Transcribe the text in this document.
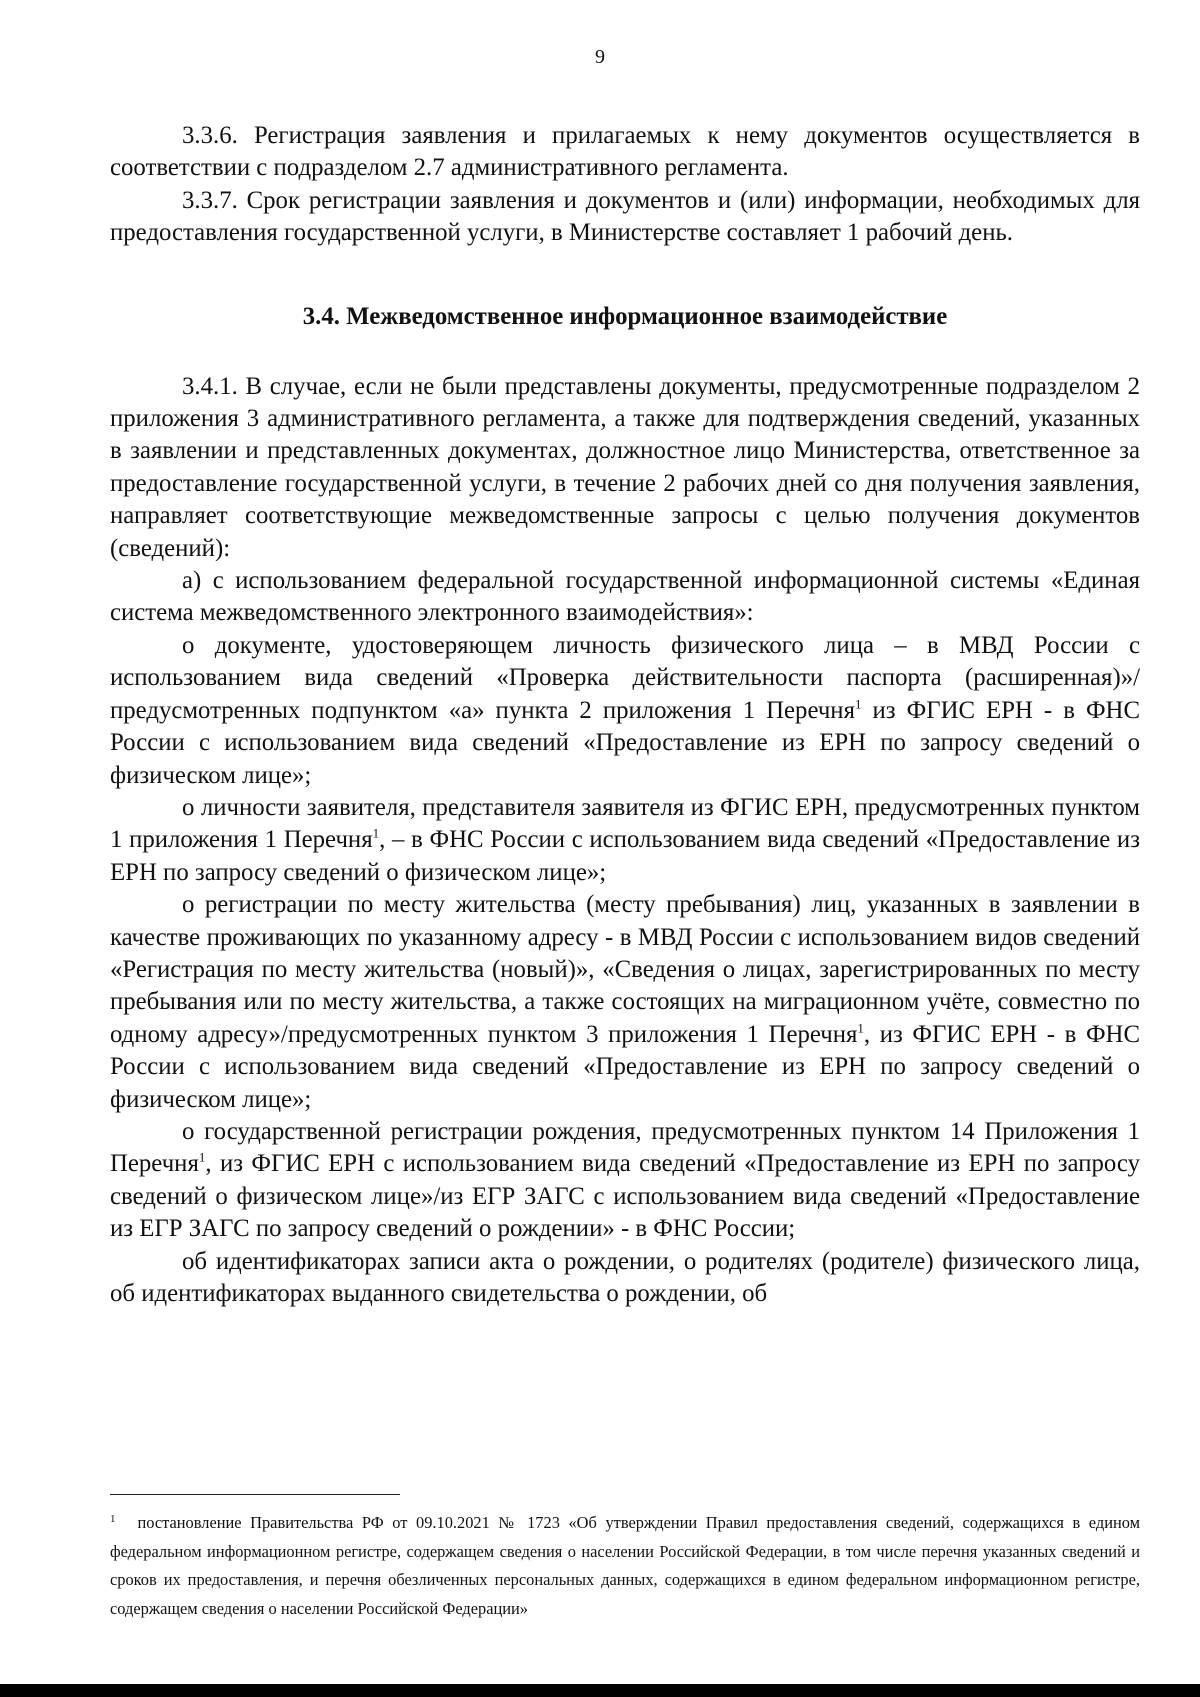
9

3.3.6. Регистрация заявления и прилагаемых к нему документов осуществляется в соответствии с подразделом 2.7 административного регламента.

3.3.7. Срок регистрации заявления и документов и (или) информации, необходимых для предоставления государственной услуги, в Министерстве составляет 1 рабочий день.

3.4. Межведомственное информационное взаимодействие

3.4.1. В случае, если не были представлены документы, предусмотренные подразделом 2 приложения 3 административного регламента, а также для подтверждения сведений, указанных в заявлении и представленных документах, должностное лицо Министерства, ответственное за предоставление государственной услуги, в течение 2 рабочих дней со дня получения заявления, направляет соответствующие межведомственные запросы с целью получения документов (сведений):

а) с использованием федеральной государственной информационной системы «Единая система межведомственного электронного взаимодействия»:

о документе, удостоверяющем личность физического лица – в МВД России с использованием вида сведений «Проверка действительности паспорта (расширенная)»/предусмотренных подпунктом «а» пункта 2 приложения 1 Перечня$^1$ из ФГИС ЕРН - в ФНС России с использованием вида сведений «Предоставление из ЕРН по запросу сведений о физическом лице»;

о личности заявителя, представителя заявителя из ФГИС ЕРН, предусмотренных пунктом 1 приложения 1 Перечня$^1$, – в ФНС России с использованием вида сведений «Предоставление из ЕРН по запросу сведений о физическом лице»;

о регистрации по месту жительства (месту пребывания) лиц, указанных в заявлении в качестве проживающих по указанному адресу - в МВД России с использованием видов сведений «Регистрация по месту жительства (новый)», «Сведения о лицах, зарегистрированных по месту пребывания или по месту жительства, а также состоящих на миграционном учёте, совместно по одному адресу»/предусмотренных пунктом 3 приложения 1 Перечня$^1$, из ФГИС ЕРН - в ФНС России с использованием вида сведений «Предоставление из ЕРН по запросу сведений о физическом лице»;

о государственной регистрации рождения, предусмотренных пунктом 14 Приложения 1 Перечня$^1$, из ФГИС ЕРН с использованием вида сведений «Предоставление из ЕРН по запросу сведений о физическом лице»/из ЕГР ЗАГС с использованием вида сведений «Предоставление из ЕГР ЗАГС по запросу сведений о рождении» - в ФНС России;

об идентификаторах записи акта о рождении, о родителях (родителе) физического лица, об идентификаторах выданного свидетельства о рождении, об

$^1$ постановление Правительства РФ от 09.10.2021 № 1723 «Об утверждении Правил предоставления сведений, содержащихся в едином федеральном информационном регистре, содержащем сведения о населении Российской Федерации, в том числе перечня указанных сведений и сроков их предоставления, и перечня обезличенных персональных данных, содержащихся в едином федеральном информационном регистре, содержащем сведения о населении Российской Федерации»
